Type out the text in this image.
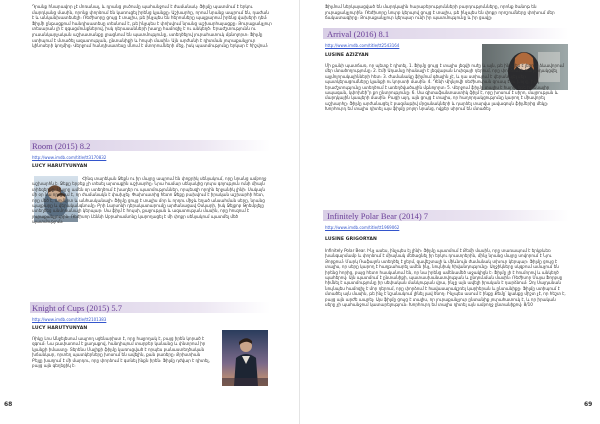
Դրանք հնարավոր չէ մոռանալ, և դրանց լուծումը պահանջում է ժամանակ։ Ֆիլմը պատմում է երկու մարդկանց մասին, որոնք փորձում են կառուցել իրենց կյանքը։ Աշխարհը, որում նրանք ապրում են, դաժան է և անկանխատեսելի։ Ռեժիսորը ցույց է տալիս, թե ինչպես են հերոսները պայքարում իրենց վախերի դեմ։ Ֆիլմի ընթացքում հանդիսատեսը տեսնում է, թե ինչպես է փոխվում նրանց աշխարհայացքը։ Յուրաքանչյուր տեսարան լի է զգացմունքներով, իսկ դերասանների խաղը համոզիչ է ու անկեղծ։ Երաժշտությունն ու լուսանկարչական աշխատանքը լրացնում են պատմությունը, ստեղծելով յուրահատուկ մթնոլորտ։ Ֆիլմը ստիպում է մտածել ազատության, ընտանիքի և հույսի մասին։ Այն արժանի է դիտման յուրաքանչյուր կինոսերի կողմից։ Վերջում հանդիսատեսը մնում է մտորումների մեջ, իսկ պատմությունը երկար է հիշվում։

Room (2015) 8.2
http://www.imdb.com/title/tt3170832
LUCY HARUTYUNYAN

Հինգ տարեկան Ջեքն ու իր մայրը ապրում են փոքրիկ սենյակում, որը նրանց ամբողջ աշխարհն է։ Ջեքը երբեք չի տեսել արտաքին աշխարհը։ Նրա համար սենյակից դուրս գոյություն ունի միայն տիեզերքը։ Մայրը ամեն օր ստեղծում է խաղեր ու պատմություններ, որպեսզի որդին երջանիկ լինի։ Սակայն մի օր նա որոշում է, որ ժամանակն է փախչել։ Փախուստից հետո Ջեքը բախվում է իրական աշխարհի հետ, որը մեծ է, աղմկոտ և անհասկանալի։ Ֆիլմը ցույց է տալիս մոր և որդու միջև եղած անսահման սերը, նրանց պայքարը և վերականգնումը։ Բրի Լարսոնի դերակատարումը արժանացավ Օսկարի, իսկ Ջեյքոբ Թրեմբլեյը ստեղծեց անմոռանալի կերպար։ Սա ֆիլմ է հույսի, քաջության և ազատության մասին, որը հուզում է յուրաքանչյուրին։ Ռեժիսոր Լեննի Աբրահամսոնը կարողացել է մի փոքր սենյակում պատմել մեծ պատմություն։

Knight of Cups (2015) 5.7
http://www.imdb.com/title/tt2101383
LUCY HARUTYUNYAN

Ռիկը Լոս Անջելեսում ապրող սցենարիստ է, որը հաջողակ է, բայց իրեն կորած է զգում։ Նա թափառում է քաղաքով, հանդիպում տարբեր կանանց և փնտրում իր կյանքի իմաստը։ Տերենս Մալիքի ֆիլմը կառուցված է որպես բանաստեղծական խճանկար, որտեղ պատկերները խոսում են ավելին, քան բառերը։ Քրիստիան Բեյլը խաղում է մի մարդու, որը փորձում է գտնել ինքն իրեն։ Ֆիլմը դժվար է դիտել, բայց այն գեղեցիկ է։

68

Ֆիլմում ներկայացված են մարդկային հարաբերությունների բարդությունները, որոնք ծանոթ են յուրաքանչյուրին։ Ռեժիսորը նուրբ կերպով ցույց է տալիս, թե ինչպես են փոքր որոշումները փոխում մեր ճակատագիրը։ Յուրաքանչյուր կերպար ունի իր պատմությունը և իր ցավը։

Arrival (2016) 8.1
http://www.imdb.com/title/tt2543164
LUSINE AZIZYAN

Մի քանի պատճառ, որ պետք է դիտել. 1. Ֆիլմը ցույց է տալիս լեզվի ուժը և այն, թե ինչպես է լեզուն ձևավորում մեր մտածողությունը։ 2. Էմի Ադամսը հիանալի է լեզվաբան Լուիզայի դերում, որը փորձում է հաղորդակցվել այլմոլորակայինների հետ։ 3. Ժամանակը ֆիլմում գծային չէ, և դա ստիպում է վերանայել մեր պատկերացումները կյանքի ու կորստի մասին։ 4. Դենի Վիլնյովի ռեժիսուրան զուսպ է ու խորը, իսկ երաժշտությունը ստեղծում է առեղծվածային մթնոլորտ։ 5. Վերջում ֆիլմը տալիս է հարց՝ եթե իմանայիր ապագան, կփոխեի՞ր քո ընտրությունը։ 6. Սա գիտաֆանտաստիկ ֆիլմ է, որը խոսում է սիրո, մայրության և մարդկային կապերի մասին։ Բացի այդ, այն ցույց է տալիս, որ հաղորդակցությունը կարող է միավորել աշխարհը։ Ֆիլմը արժանացել է բազմաթիվ մրցանակների և դարձել տարվա լավագույն ֆիլմերից մեկը։ Խորհուրդ եմ տալիս դիտել այս ֆիլմը բոլոր նրանց, ովքեր սիրում են մտածել։

Infinitely Polar Bear (2014) 7
http://www.imdb.com/title/tt1969062
LUSINE GRIGORYAN

Infinitely Polar Bear. Ինչ ասես, ինչպես էլ լինի։ Ֆիլմը պատմում է Քեմի մասին, որը տառապում է երկբևեռ խանգարմամբ և փորձում է միայնակ մեծացնել իր երկու դուստրերին, մինչ նրանց մայրը սովորում է Նյու Յորքում։ Մարկ Ռաֆալոն ստեղծել է ջերմ, զավեշտալի և միևնույն ժամանակ տխուր կերպար։ Ֆիլմը ցույց է տալիս, որ սերը կարող է հաղթահարել ամեն ինչ, նույնիսկ հիվանդությունը։ Աղջիկները սկզբում ամաչում են իրենց հորից, բայց հետո հասկանում են, որ նա իրենց ամենամեծ աջակիցն է։ Ֆիլմը լի է հումորով և անկեղծ պահերով։ Այն պատմում է ընտանիքի, պատասխանատվության և ընդունման մասին։ Ռեժիսոր Մայա Ֆորբսը հիմնել է պատմությունը իր սեփական մանկության վրա, ինչը այն ավելի իրական է դարձնում։ Զոյ Սալդանան նույնպես համոզիչ է մոր դերում, որը փորձում է հավասարակշռել կարիերան և ընտանիքը։ Ֆիլմը ստիպում է մտածել այն մասին, թե ինչ է նշանակում լինել լավ ծնող։ Ինչպես ասում է ինքը Քեմը՝ կյանքը միշտ չէ, որ հեշտ է, բայց այն արժե ապրել։ Այս ֆիլմը ցույց է տալիս, որ յուրաքանչյուր ընտանիք յուրահատուկ է, և որ իրական սերը չի պահանջում կատարելություն։ Խորհուրդ եմ տալիս դիտել այն ամբողջ ընտանիքով։ 8/10

69
